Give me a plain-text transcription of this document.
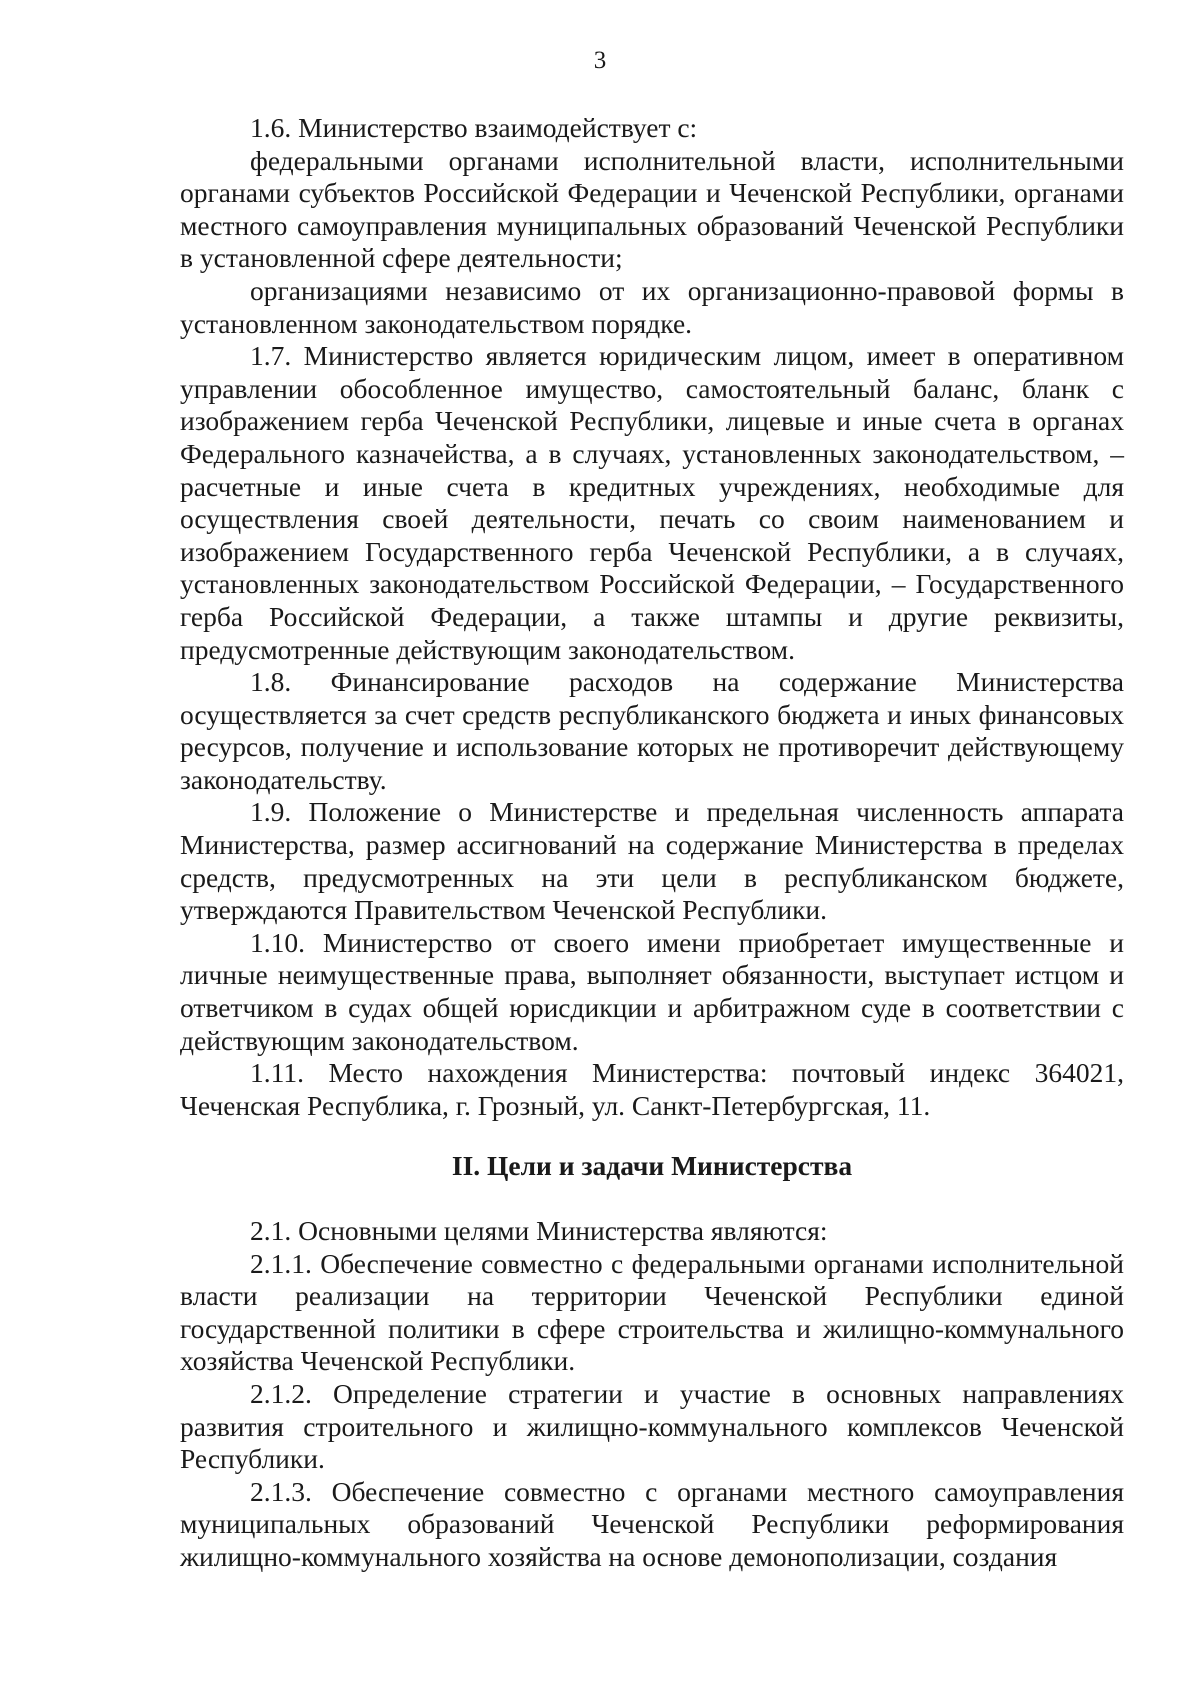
3

1.6. Министерство взаимодействует с:

федеральными органами исполнительной власти, исполнительными органами субъектов Российской Федерации и Чеченской Республики, органами местного самоуправления муниципальных образований Чеченской Республики в установленной сфере деятельности;

организациями независимо от их организационно-правовой формы в установленном законодательством порядке.

1.7. Министерство является юридическим лицом, имеет в оперативном управлении обособленное имущество, самостоятельный баланс, бланк с изображением герба Чеченской Республики, лицевые и иные счета в органах Федерального казначейства, а в случаях, установленных законодательством, – расчетные и иные счета в кредитных учреждениях, необходимые для осуществления своей деятельности, печать со своим наименованием и изображением Государственного герба Чеченской Республики, а в случаях, установленных законодательством Российской Федерации, – Государственного герба Российской Федерации, а также штампы и другие реквизиты, предусмотренные действующим законодательством.

1.8. Финансирование расходов на содержание Министерства осуществляется за счет средств республиканского бюджета и иных финансовых ресурсов, получение и использование которых не противоречит действующему законодательству.

1.9. Положение о Министерстве и предельная численность аппарата Министерства, размер ассигнований на содержание Министерства в пределах средств, предусмотренных на эти цели в республиканском бюджете, утверждаются Правительством Чеченской Республики.

1.10. Министерство от своего имени приобретает имущественные и личные неимущественные права, выполняет обязанности, выступает истцом и ответчиком в судах общей юрисдикции и арбитражном суде в соответствии с действующим законодательством.

1.11. Место нахождения Министерства: почтовый индекс 364021, Чеченская Республика, г. Грозный, ул. Санкт-Петербургская, 11.

II. Цели и задачи Министерства

2.1. Основными целями Министерства являются:

2.1.1. Обеспечение совместно с федеральными органами исполнительной власти реализации на территории Чеченской Республики единой государственной политики в сфере строительства и жилищно-коммунального хозяйства Чеченской Республики.

2.1.2. Определение стратегии и участие в основных направлениях развития строительного и жилищно-коммунального комплексов Чеченской Республики.

2.1.3. Обеспечение совместно с органами местного самоуправления муниципальных образований Чеченской Республики реформирования жилищно-коммунального хозяйства на основе демонополизации, создания
